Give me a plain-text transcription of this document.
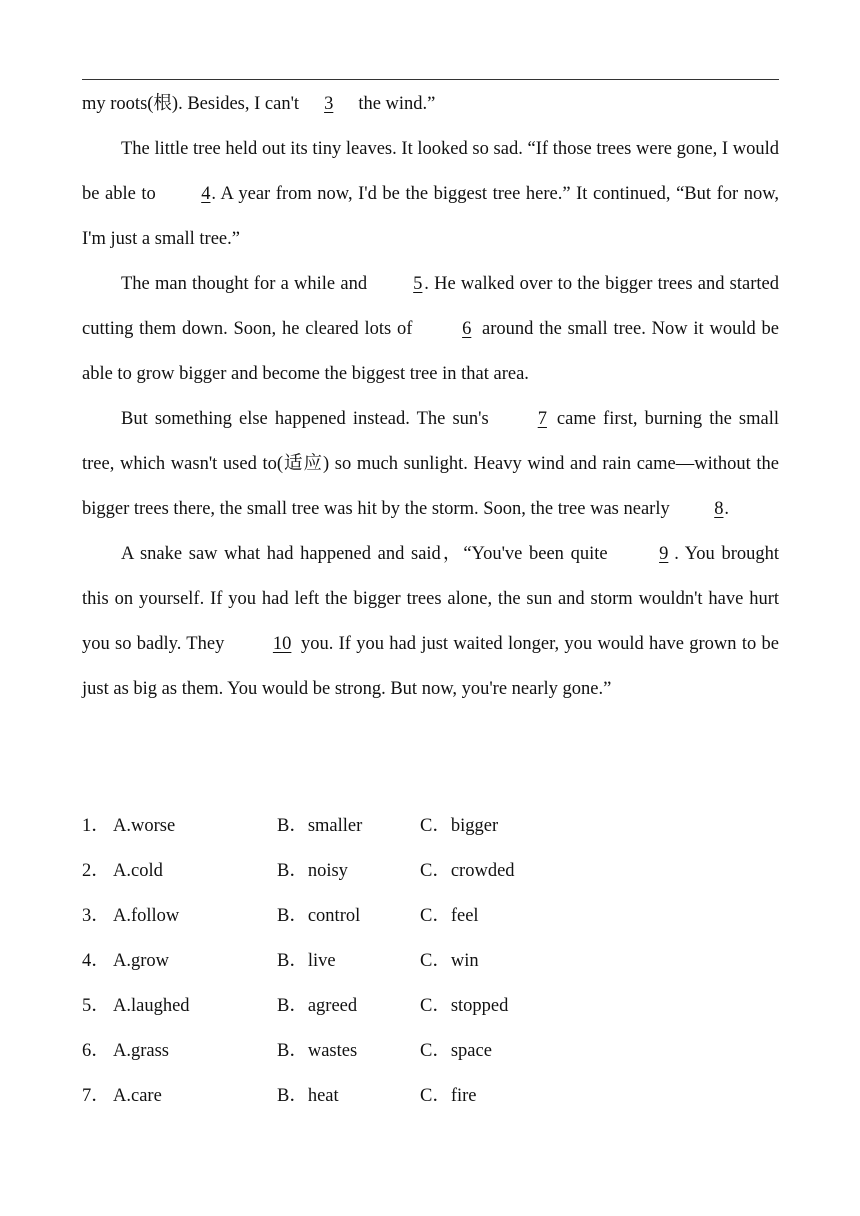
my roots(根). Besides, I can't 3 the wind.”

The little tree held out its tiny leaves. It looked so sad. “If those trees were gone, I would be able to 4. A year from now, I'd be the biggest tree here.” It continued, “But for now, I'm just a small tree.”

The man thought for a while and 5 . He walked over to the bigger trees and started cutting them down. Soon, he cleared lots of 6 around the small tree. Now it would be able to grow bigger and become the biggest tree in that area.

But something else happened instead. The sun's 7 came first, burning the small tree, which wasn't used to(适应) so much sunlight. Heavy wind and rain came—without the bigger trees there, the small tree was hit by the storm. Soon, the tree was nearly 8.

A snake saw what had happened and said，“You've been quite 9 . You brought this on yourself. If you had left the bigger trees alone, the sun and storm wouldn't have hurt you so badly. They 10 you. If you had just waited longer, you would have grown to be just as big as them. You would be strong. But now, you're nearly gone.”

1． A.worse	B．smaller	C．bigger
2． A.cold	B．noisy	C．crowded
3． A.follow	B．control	C．feel
4． A.grow	B．live	C．win
5． A.laughed	B．agreed	C．stopped
6． A.grass	B．wastes	C．space
7． A.care	B．heat	C．fire
